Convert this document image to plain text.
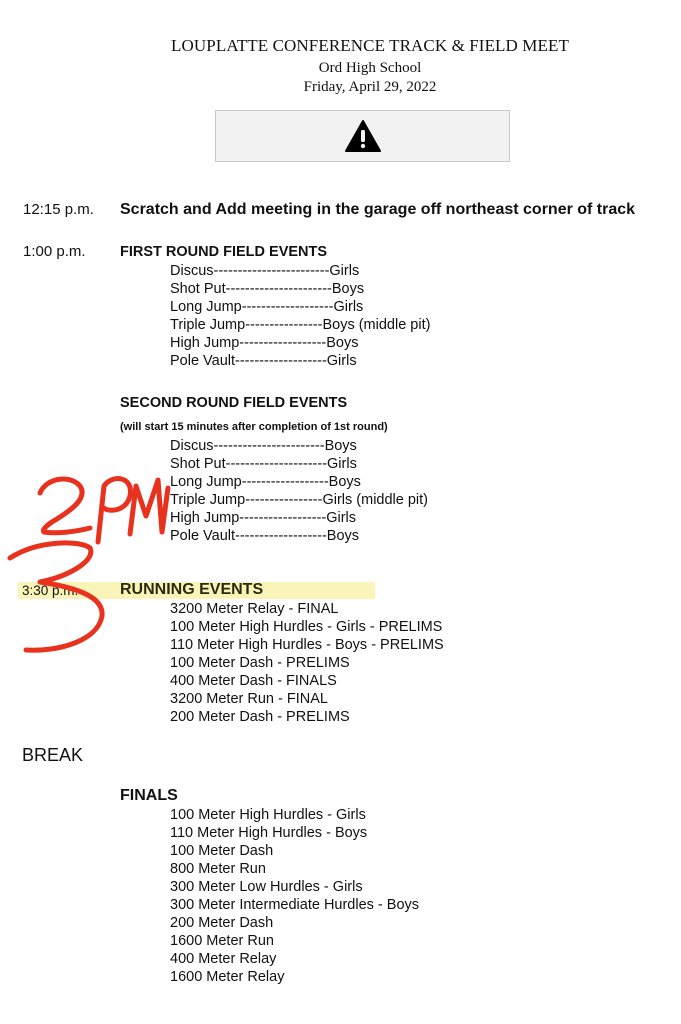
LOUPLATTE CONFERENCE TRACK & FIELD MEET
Ord High School
Friday, April 29, 2022
12:15 p.m. Scratch and Add meeting in the garage off northeast corner of track
1:00 p.m. FIRST ROUND FIELD EVENTS
Discus------------------------Girls
Shot Put----------------------Boys
Long Jump-------------------Girls
Triple Jump----------------Boys (middle pit)
High Jump------------------Boys
Pole Vault-------------------Girls
SECOND ROUND FIELD EVENTS
(will start 15 minutes after completion of 1st round)
Discus-----------------------Boys
Shot Put---------------------Girls
Long Jump------------------Boys
Triple Jump----------------Girls (middle pit)
High Jump------------------Girls
Pole Vault-------------------Boys
3:30 p.m.	RUNNING EVENTS
3200 Meter Relay - FINAL
100 Meter High Hurdles - Girls - PRELIMS
110 Meter High Hurdles - Boys - PRELIMS
100 Meter Dash - PRELIMS
400 Meter Dash - FINALS
3200 Meter Run - FINAL
200 Meter Dash - PRELIMS
BREAK
FINALS
100 Meter High Hurdles - Girls
110 Meter High Hurdles - Boys
100 Meter Dash
800 Meter Run
300 Meter Low Hurdles - Girls
300 Meter Intermediate Hurdles - Boys
200 Meter Dash
1600 Meter Run
400 Meter Relay
1600 Meter Relay
